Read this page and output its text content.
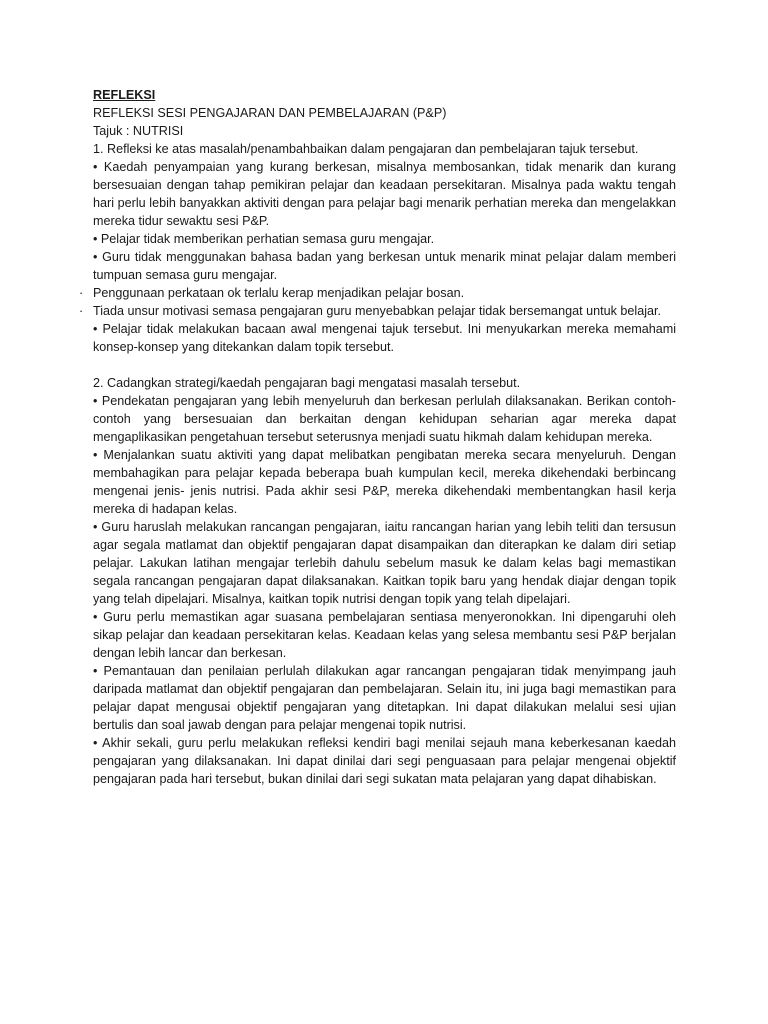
REFLEKSI

REFLEKSI SESI PENGAJARAN DAN PEMBELAJARAN (P&P)

Tajuk : NUTRISI

1. Refleksi ke atas masalah/penambahbaikan dalam pengajaran dan pembelajaran tajuk tersebut.

• Kaedah penyampaian yang kurang berkesan, misalnya membosankan, tidak menarik dan kurang bersesuaian dengan tahap pemikiran pelajar dan keadaan persekitaran. Misalnya pada waktu tengah hari perlu lebih banyakkan aktiviti dengan para pelajar bagi menarik perhatian mereka dan mengelakkan mereka tidur sewaktu sesi P&P.

• Pelajar tidak memberikan perhatian semasa guru mengajar.

• Guru tidak menggunakan bahasa badan yang berkesan untuk menarik minat pelajar dalam memberi tumpuan semasa guru mengajar.

· Penggunaan perkataan ok terlalu kerap menjadikan pelajar bosan.

· Tiada unsur motivasi semasa pengajaran guru menyebabkan pelajar tidak bersemangat untuk belajar.

• Pelajar tidak melakukan bacaan awal mengenai tajuk tersebut. Ini menyukarkan mereka memahami konsep-konsep yang ditekankan dalam topik tersebut.

2. Cadangkan strategi/kaedah pengajaran bagi mengatasi masalah tersebut.

• Pendekatan pengajaran yang lebih menyeluruh dan berkesan perlulah dilaksanakan. Berikan contoh-contoh yang bersesuaian dan berkaitan dengan kehidupan seharian agar mereka dapat mengaplikasikan pengetahuan tersebut seterusnya menjadi suatu hikmah dalam kehidupan mereka.

• Menjalankan suatu aktiviti yang dapat melibatkan pengibatan mereka secara menyeluruh. Dengan membahagikan para pelajar kepada beberapa buah kumpulan kecil, mereka dikehendaki berbincang mengenai jenis- jenis nutrisi. Pada akhir sesi P&P, mereka dikehendaki membentangkan hasil kerja mereka di hadapan kelas.

• Guru haruslah melakukan rancangan pengajaran, iaitu rancangan harian yang lebih teliti dan tersusun agar segala matlamat dan objektif pengajaran dapat disampaikan dan diterapkan ke dalam diri setiap pelajar. Lakukan latihan mengajar terlebih dahulu sebelum masuk ke dalam kelas bagi memastikan segala rancangan pengajaran dapat dilaksanakan. Kaitkan topik baru yang hendak diajar dengan topik yang telah dipelajari. Misalnya, kaitkan topik nutrisi dengan topik yang telah dipelajari.

• Guru perlu memastikan agar suasana pembelajaran sentiasa menyeronokkan. Ini dipengaruhi oleh sikap pelajar dan keadaan persekitaran kelas. Keadaan kelas yang selesa membantu sesi P&P berjalan dengan lebih lancar dan berkesan.

• Pemantauan dan penilaian perlulah dilakukan agar rancangan pengajaran tidak menyimpang jauh daripada matlamat dan objektif pengajaran dan pembelajaran. Selain itu, ini juga bagi memastikan para pelajar dapat mengusai objektif pengajaran yang ditetapkan. Ini dapat dilakukan melalui sesi ujian bertulis dan soal jawab dengan para pelajar mengenai topik nutrisi.

• Akhir sekali, guru perlu melakukan refleksi kendiri bagi menilai sejauh mana keberkesanan kaedah pengajaran yang dilaksanakan. Ini dapat dinilai dari segi penguasaan para pelajar mengenai objektif pengajaran pada hari tersebut, bukan dinilai dari segi sukatan mata pelajaran yang dapat dihabiskan.
